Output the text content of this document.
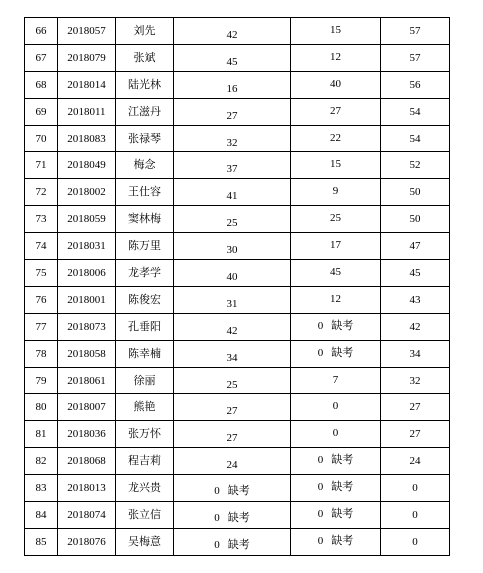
66	2018057	刘先	42	15	57
67	2018079	张斌	45	12	57
68	2018014	陆光林	16	40	56
69	2018011	江滋丹	27	27	54
70	2018083	张禄琴	32	22	54
71	2018049	梅念	37	15	52
72	2018002	王仕容	41	9	50
73	2018059	窦林梅	25	25	50
74	2018031	陈万里	30	17	47
75	2018006	龙孝学	40	45	45
76	2018001	陈俊宏	31	12	43
77	2018073	孔垂阳	42	0 缺考	42
78	2018058	陈幸楠	34	0 缺考	34
79	2018061	徐丽	25	7	32
80	2018007	熊艳	27	0	27
81	2018036	张万怀	27	0	27
82	2018068	程吉莉	24	0 缺考	24
83	2018013	龙兴贵	0 缺考	0 缺考	0
84	2018074	张立信	0 缺考	0 缺考	0
85	2018076	吴梅意	0 缺考	0 缺考	0
